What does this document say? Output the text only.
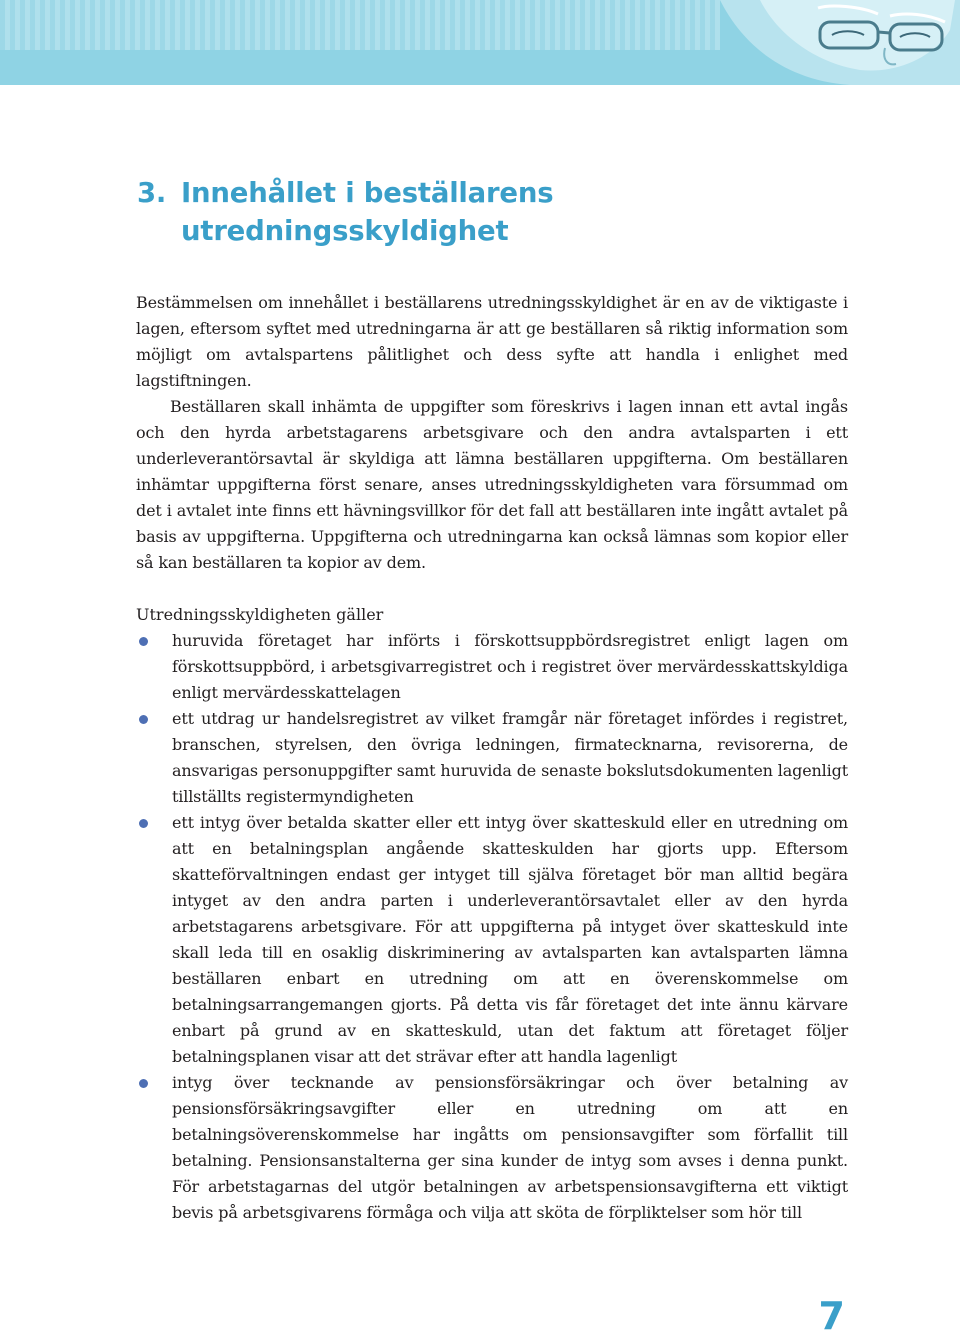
3. Innehållet i beställarens
utredningsskyldighet

Bestämmelsen om innehållet i beställarens utredningsskyldighet är en av de viktigaste i lagen, eftersom syftet med utredningarna är att ge beställaren så riktig information som möjligt om avtalspartens pålitlighet och dess syfte att handla i enlighet med lagstiftningen.

Beställaren skall inhämta de uppgifter som föreskrivs i lagen innan ett avtal ingås och den hyrda arbetstagarens arbetsgivare och den andra avtalsparten i ett underleverantörsavtal är skyldiga att lämna beställaren uppgifterna. Om beställaren inhämtar uppgifterna först senare, anses utredningsskyldigheten vara försummad om det i avtalet inte finns ett hävningsvillkor för det fall att beställaren inte ingått avtalet på basis av uppgifterna. Uppgifterna och utredningarna kan också lämnas som kopior eller så kan beställaren ta kopior av dem.

Utredningsskyldigheten gäller
huruvida företaget har införts i förskottsuppbördsregistret enligt lagen om förskottsuppbörd, i arbetsgivarregistret och i registret över mervärdesskattskyldiga enligt mervärdesskattelagen
ett utdrag ur handelsregistret av vilket framgår när företaget infördes i registret, branschen, styrelsen, den övriga ledningen, firmatecknarna, revisorerna, de ansvarigas personuppgifter samt huruvida de senaste bokslutsdokumenten lagenligt tillställts registermyndigheten
ett intyg över betalda skatter eller ett intyg över skatteskuld eller en utredning om att en betalningsplan angående skatteskulden har gjorts upp. Eftersom skatteförvaltningen endast ger intyget till själva företaget bör man alltid begära intyget av den andra parten i underleverantörsavtalet eller av den hyrda arbetstagarens arbetsgivare. För att uppgifterna på intyget över skatteskuld inte skall leda till en osaklig diskriminering av avtalsparten kan avtalsparten lämna beställaren enbart en utredning om att en överenskommelse om betalningsarrangemangen gjorts. På detta vis får företaget det inte ännu kärvare enbart på grund av en skatteskuld, utan det faktum att företaget följer betalningsplanen visar att det strävar efter att handla lagenligt
intyg över tecknande av pensionsförsäkringar och över betalning av pensionsförsäkringsavgifter eller en utredning om att en betalningsöverenskommelse har ingåtts om pensionsavgifter som förfallit till betalning. Pensionsanstalterna ger sina kunder de intyg som avses i denna punkt. För arbetstagarnas del utgör betalningen av arbetspensionsavgifterna ett viktigt bevis på arbetsgivarens förmåga och vilja att sköta de förpliktelser som hör till
7
